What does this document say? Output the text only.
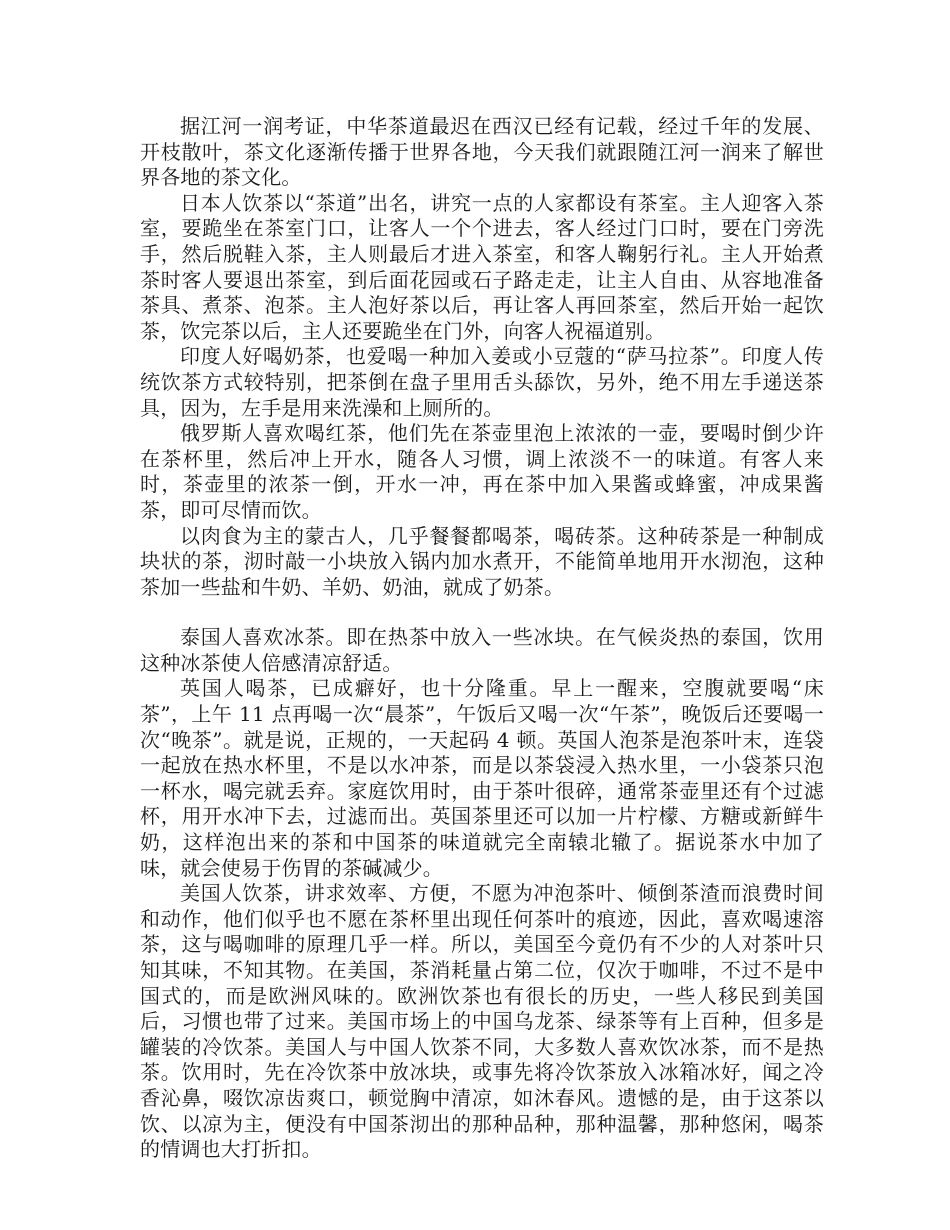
据江河一润考证，中华茶道最迟在西汉已经有记载，经过千年的发展、开枝散叶，茶文化逐渐传播于世界各地，今天我们就跟随江河一润来了解世界各地的茶文化。

日本人饮茶以“茶道”出名，讲究一点的人家都设有茶室。主人迎客入茶室，要跪坐在茶室门口，让客人一个个进去，客人经过门口时，要在门旁洗手，然后脱鞋入茶，主人则最后才进入茶室，和客人鞠躬行礼。主人开始煮茶时客人要退出茶室，到后面花园或石子路走走，让主人自由、从容地准备茶具、煮茶、泡茶。主人泡好茶以后，再让客人再回茶室，然后开始一起饮茶，饮完茶以后，主人还要跪坐在门外，向客人祝福道别。

印度人好喝奶茶，也爱喝一种加入姜或小豆蔻的“萨马拉茶”。印度人传统饮茶方式较特别，把茶倒在盘子里用舌头舔饮，另外，绝不用左手递送茶具，因为，左手是用来洗澡和上厕所的。

俄罗斯人喜欢喝红茶，他们先在茶壶里泡上浓浓的一壶，要喝时倒少许在茶杯里，然后冲上开水，随各人习惯，调上浓淡不一的味道。有客人来时，茶壶里的浓茶一倒，开水一冲，再在茶中加入果酱或蜂蜜，冲成果酱茶，即可尽情而饮。

以肉食为主的蒙古人，几乎餐餐都喝茶，喝砖茶。这种砖茶是一种制成块状的茶，沏时敲一小块放入锅内加水煮开，不能简单地用开水沏泡，这种茶加一些盐和牛奶、羊奶、奶油，就成了奶茶。

泰国人喜欢冰茶。即在热茶中放入一些冰块。在气候炎热的泰国，饮用这种冰茶使人倍感清凉舒适。

英国人喝茶，已成癖好，也十分隆重。早上一醒来，空腹就要喝“床茶”，上午 11 点再喝一次“晨茶”，午饭后又喝一次“午茶”，晚饭后还要喝一次“晚茶”。就是说，正规的，一天起码 4 顿。英国人泡茶是泡茶叶末，连袋一起放在热水杯里，不是以水冲茶，而是以茶袋浸入热水里，一小袋茶只泡一杯水，喝完就丢弃。家庭饮用时，由于茶叶很碎，通常茶壶里还有个过滤杯，用开水冲下去，过滤而出。英国茶里还可以加一片柠檬、方糖或新鲜牛奶，这样泡出来的茶和中国茶的味道就完全南辕北辙了。据说茶水中加了味，就会使易于伤胃的茶碱减少。

美国人饮茶，讲求效率、方便，不愿为冲泡茶叶、倾倒茶渣而浪费时间和动作，他们似乎也不愿在茶杯里出现任何茶叶的痕迹，因此，喜欢喝速溶茶，这与喝咖啡的原理几乎一样。所以，美国至今竟仍有不少的人对茶叶只知其味，不知其物。在美国，茶消耗量占第二位，仅次于咖啡，不过不是中国式的，而是欧洲风味的。欧洲饮茶也有很长的历史，一些人移民到美国后，习惯也带了过来。美国市场上的中国乌龙茶、绿茶等有上百种，但多是罐装的冷饮茶。美国人与中国人饮茶不同，大多数人喜欢饮冰茶，而不是热茶。饮用时，先在冷饮茶中放冰块，或事先将冷饮茶放入冰箱冰好，闻之冷香沁鼻，啜饮凉齿爽口，顿觉胸中清凉，如沐春风。遗憾的是，由于这茶以饮、以凉为主，便没有中国茶沏出的那种品种，那种温馨，那种悠闲，喝茶的情调也大打折扣。
